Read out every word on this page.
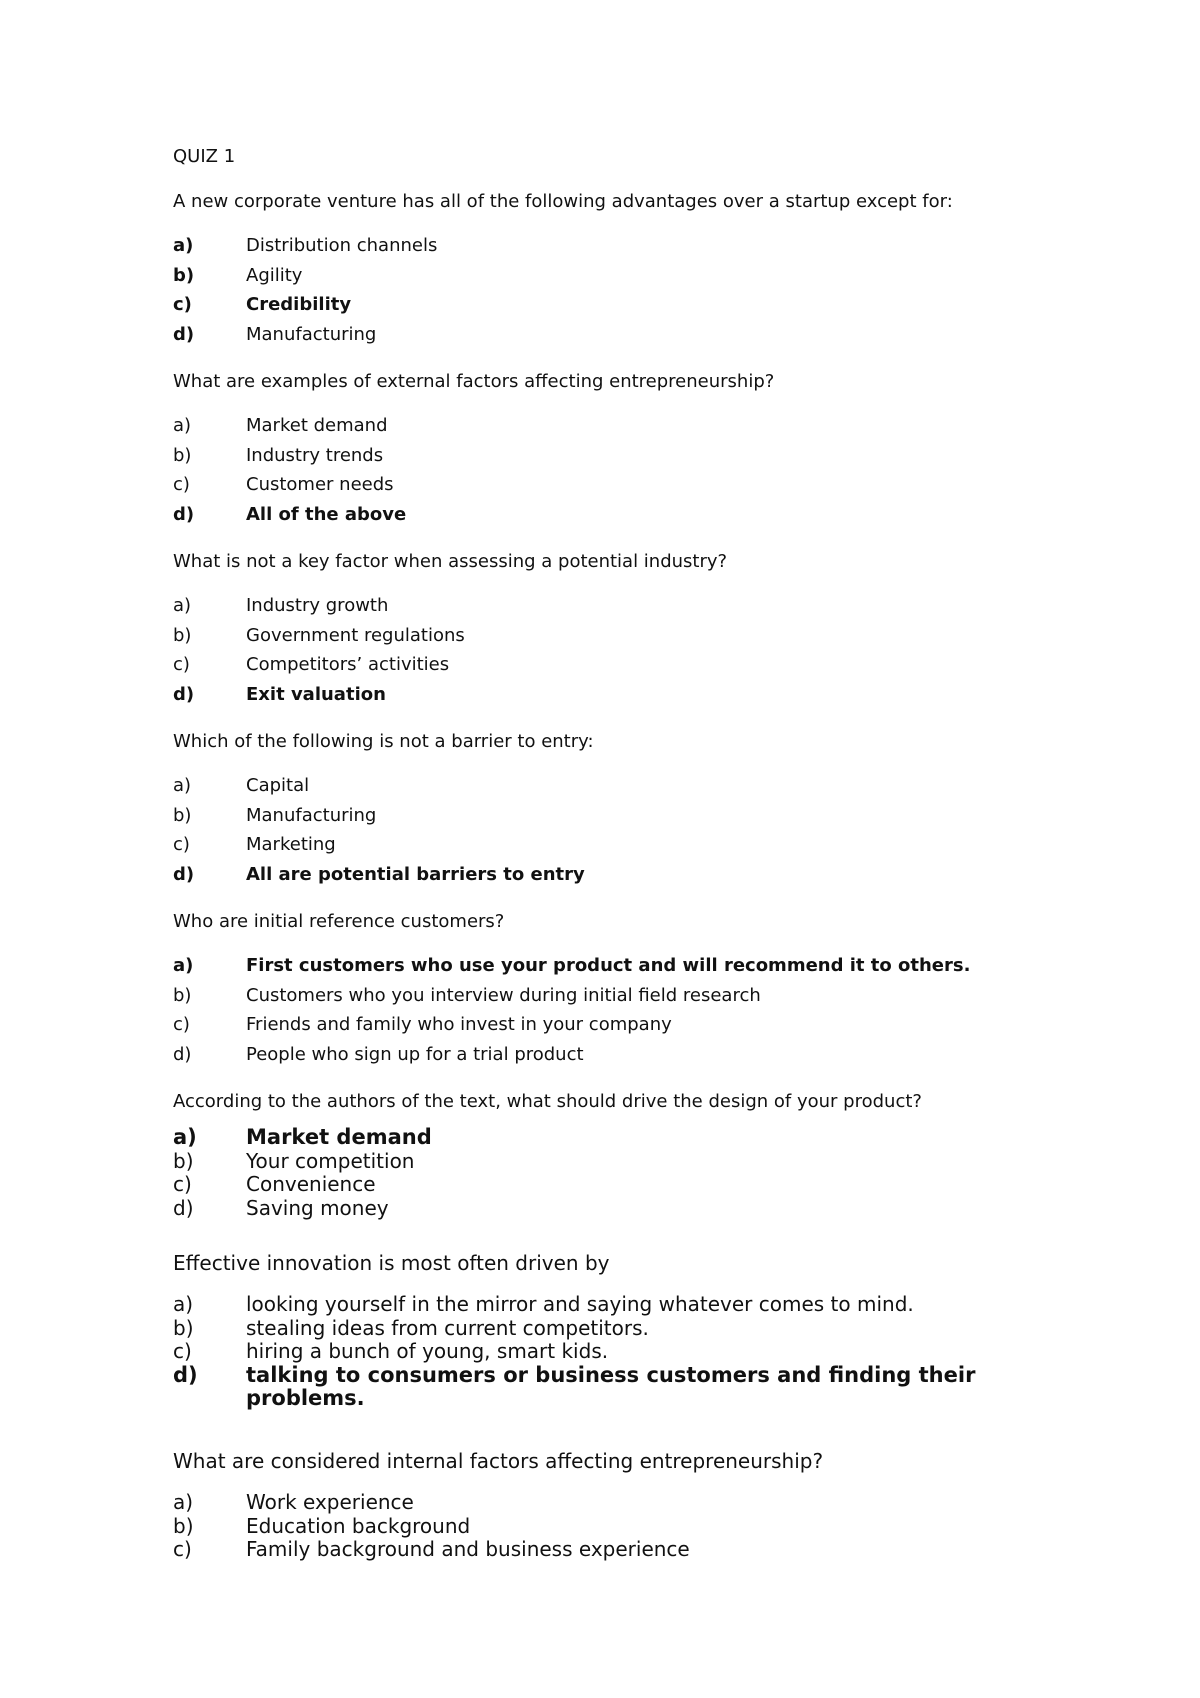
QUIZ 1

A new corporate venture has all of the following advantages over a startup except for:

a)	Distribution channels
b)	Agility
c)	Credibility
d)	Manufacturing

What are examples of external factors affecting entrepreneurship?

a)	Market demand
b)	Industry trends
c)	Customer needs
d)	All of the above

What is not a key factor when assessing a potential industry?

a)	Industry growth
b)	Government regulations
c)	Competitors’ activities
d)	Exit valuation

Which of the following is not a barrier to entry:

a)	Capital
b)	Manufacturing
c)	Marketing
d)	All are potential barriers to entry

Who are initial reference customers?

a)	First customers who use your product and will recommend it to others.
b)	Customers who you interview during initial field research
c)	Friends and family who invest in your company
d)	People who sign up for a trial product

According to the authors of the text, what should drive the design of your product?

a) Market demand
b)	Your competition
c)	Convenience
d)	Saving money

Effective innovation is most often driven by

a)	looking yourself in the mirror and saying whatever comes to mind.
b)	stealing ideas from current competitors.
c)	hiring a bunch of young, smart kids.
d) talking to consumers or business customers and finding their problems.

What are considered internal factors affecting entrepreneurship?

a)	Work experience
b)	Education background
c)	Family background and business experience
